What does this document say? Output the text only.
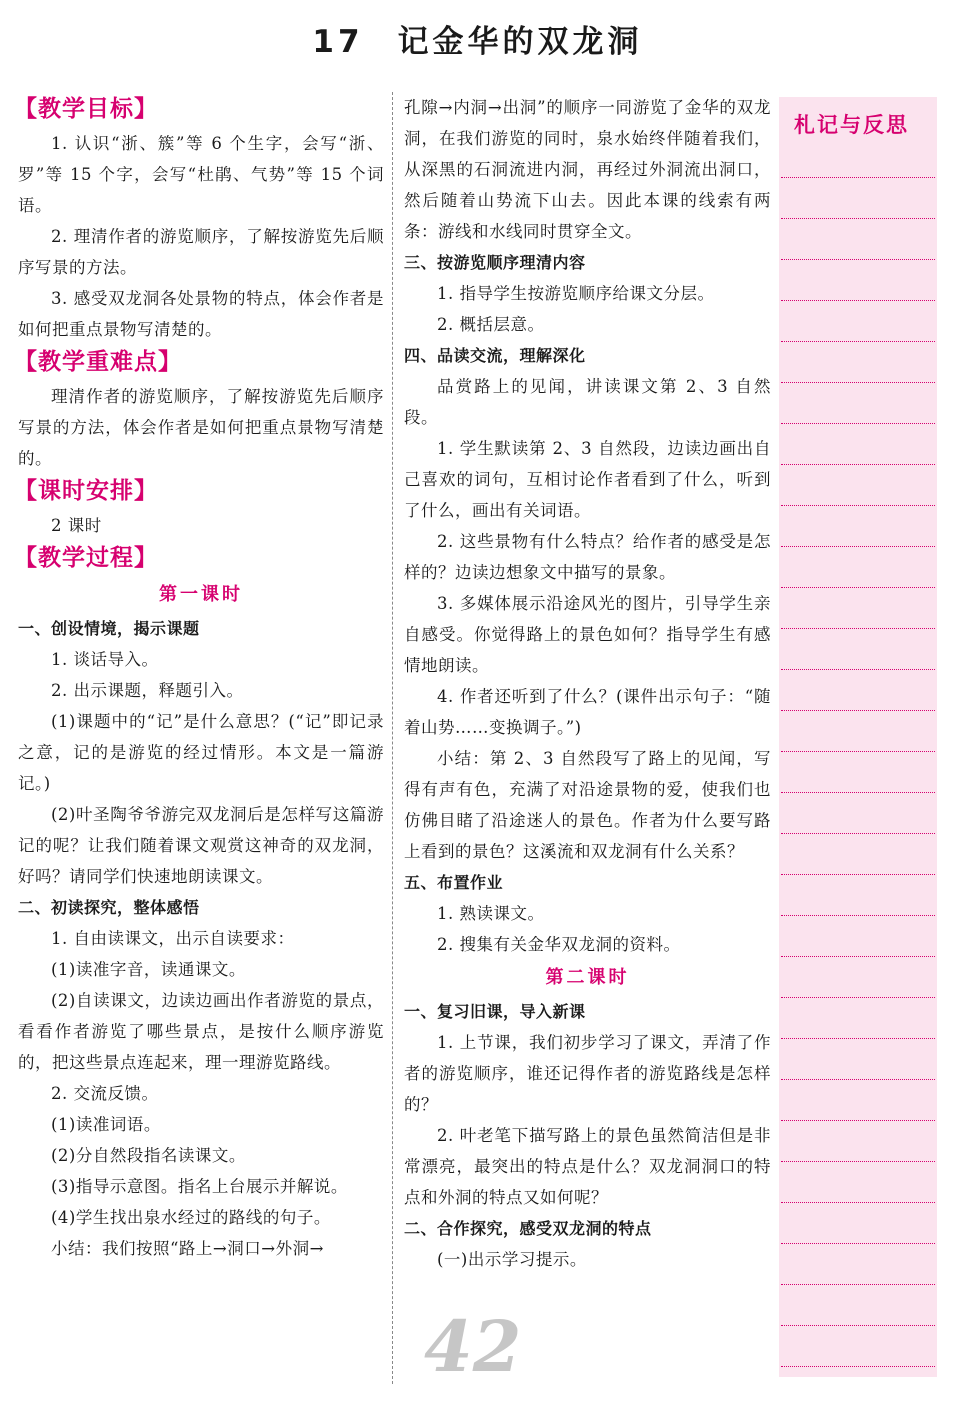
17 记金华的双龙洞
【教学目标】

1. 认识“浙、簇”等 6 个生字，会写“浙、罗”等 15 个字，会写“杜鹃、气势”等 15 个词语。

2. 理清作者的游览顺序，了解按游览先后顺序写景的方法。

3. 感受双龙洞各处景物的特点，体会作者是如何把重点景物写清楚的。

【教学重难点】

理清作者的游览顺序，了解按游览先后顺序写景的方法，体会作者是如何把重点景物写清楚的。

【课时安排】

2 课时

【教学过程】
第一课时

一、创设情境，揭示课题

1. 谈话导入。

2. 出示课题，释题引入。

(1)课题中的“记”是什么意思？(“记”即记录之意，记的是游览的经过情形。本文是一篇游记。)

(2)叶圣陶爷爷游完双龙洞后是怎样写这篇游记的呢？让我们随着课文观赏这神奇的双龙洞，好吗？请同学们快速地朗读课文。

二、初读探究，整体感悟

1. 自由读课文，出示自读要求：

(1)读准字音，读通课文。

(2)自读课文，边读边画出作者游览的景点，看看作者游览了哪些景点，是按什么顺序游览的，把这些景点连起来，理一理游览路线。

2. 交流反馈。

(1)读准词语。

(2)分自然段指名读课文。

(3)指导示意图。指名上台展示并解说。

(4)学生找出泉水经过的路线的句子。

小结：我们按照“路上→洞口→外洞→

孔隙→内洞→出洞”的顺序一同游览了金华的双龙洞，在我们游览的同时，泉水始终伴随着我们，从深黑的石洞流进内洞，再经过外洞流出洞口，然后随着山势流下山去。因此本课的线索有两条：游线和水线同时贯穿全文。

三、按游览顺序理清内容

1. 指导学生按游览顺序给课文分层。

2. 概括层意。

四、品读交流，理解深化

品赏路上的见闻，讲读课文第 2、3 自然段。

1. 学生默读第 2、3 自然段，边读边画出自己喜欢的词句，互相讨论作者看到了什么，听到了什么，画出有关词语。

2. 这些景物有什么特点？给作者的感受是怎样的？边读边想象文中描写的景象。

3. 多媒体展示沿途风光的图片，引导学生亲自感受。你觉得路上的景色如何？指导学生有感情地朗读。

4. 作者还听到了什么？(课件出示句子：“随着山势……变换调子。”)

小结：第 2、3 自然段写了路上的见闻，写得有声有色，充满了对沿途景物的爱，使我们也仿佛目睹了沿途迷人的景色。作者为什么要写路上看到的景色？这溪流和双龙洞有什么关系？

五、布置作业

1. 熟读课文。

2. 搜集有关金华双龙洞的资料。

第二课时

一、复习旧课，导入新课

1. 上节课，我们初步学习了课文，弄清了作者的游览顺序，谁还记得作者的游览路线是怎样的？

2. 叶老笔下描写路上的景色虽然简洁但是非常漂亮，最突出的特点是什么？双龙洞洞口的特点和外洞的特点又如何呢？

二、合作探究，感受双龙洞的特点

(一)出示学习提示。

札记与反思
42
